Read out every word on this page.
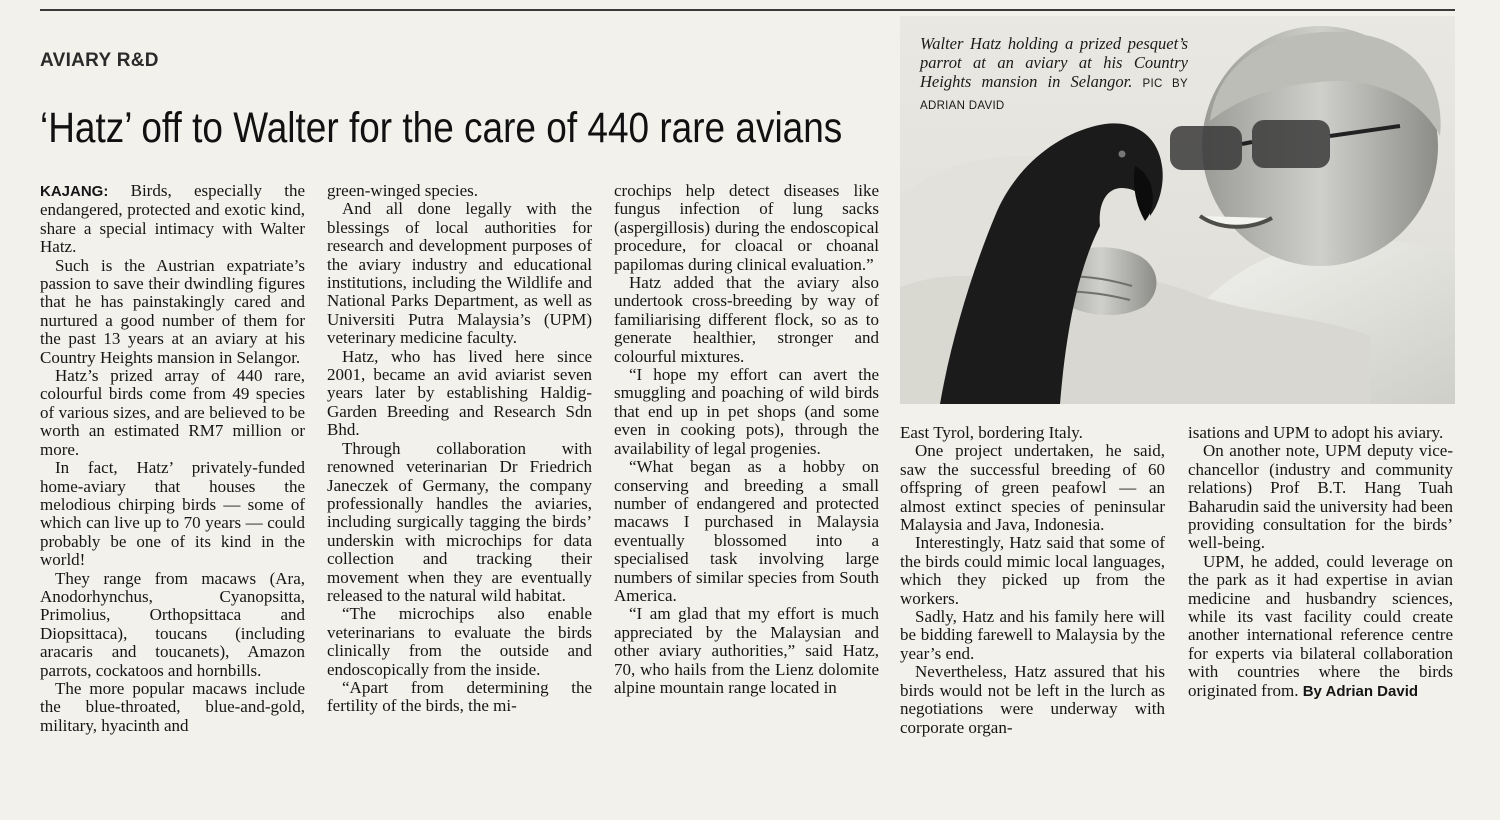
AVIARY R&D
‘Hatz’ off to Walter for the care of 440 rare avians
Walter Hatz holding a prized pesquet’s parrot at an aviary at his Country Heights mansion in Selangor. PIC BY ADRIAN DAVID

KAJANG: Birds, especially the endangered, protected and exotic kind, share a special intimacy with Walter Hatz.

Such is the Austrian expatriate’s passion to save their dwindling figures that he has painstakingly cared and nurtured a good number of them for the past 13 years at an aviary at his Country Heights mansion in Selangor.

Hatz’s prized array of 440 rare, colourful birds come from 49 species of various sizes, and are believed to be worth an estimated RM7 million or more.

In fact, Hatz’ privately-funded home-aviary that houses the melodious chirping birds — some of which can live up to 70 years — could probably be one of its kind in the world!

They range from macaws (Ara, Anodorhynchus, Cyanopsitta, Primolius, Orthopsittaca and Diopsittaca), toucans (including aracaris and toucanets), Amazon parrots, cockatoos and hornbills.

The more popular macaws include the blue-throated, blue-and-gold, military, hyacinth and

green-winged species.

And all done legally with the blessings of local authorities for research and development purposes of the aviary industry and educational institutions, including the Wildlife and National Parks Department, as well as Universiti Putra Malaysia’s (UPM) veterinary medicine faculty.

Hatz, who has lived here since 2001, became an avid aviarist seven years later by establishing Haldig-Garden Breeding and Research Sdn Bhd.

Through collaboration with renowned veterinarian Dr Friedrich Janeczek of Germany, the company professionally handles the aviaries, including surgically tagging the birds’ underskin with microchips for data collection and tracking their movement when they are eventually released to the natural wild habitat.

“The microchips also enable veterinarians to evaluate the birds clinically from the outside and endoscopically from the inside.

“Apart from determining the fertility of the birds, the mi-

crochips help detect diseases like fungus infection of lung sacks (aspergillosis) during the endoscopical procedure, for cloacal or choanal papilomas during clinical evaluation.”

Hatz added that the aviary also undertook cross-breeding by way of familiarising different flock, so as to generate healthier, stronger and colourful mixtures.

“I hope my effort can avert the smuggling and poaching of wild birds that end up in pet shops (and some even in cooking pots), through the availability of legal progenies.

“What began as a hobby on conserving and breeding a small number of endangered and protected macaws I purchased in Malaysia eventually blossomed into a specialised task involving large numbers of similar species from South America.

“I am glad that my effort is much appreciated by the Malaysian and other aviary authorities,” said Hatz, 70, who hails from the Lienz dolomite alpine mountain range located in

East Tyrol, bordering Italy.

One project undertaken, he said, saw the successful breeding of 60 offspring of green peafowl — an almost extinct species of peninsular Malaysia and Java, Indonesia.

Interestingly, Hatz said that some of the birds could mimic local languages, which they picked up from the workers.

Sadly, Hatz and his family here will be bidding farewell to Malaysia by the year’s end.

Nevertheless, Hatz assured that his birds would not be left in the lurch as negotiations were underway with corporate organ-

isations and UPM to adopt his aviary.

On another note, UPM deputy vice-chancellor (industry and community relations) Prof B.T. Hang Tuah Baharudin said the university had been providing consultation for the birds’ well-being.

UPM, he added, could leverage on the park as it had expertise in avian medicine and husbandry sciences, while its vast facility could create another international reference centre for experts via bilateral collaboration with countries where the birds originated from. By Adrian David
